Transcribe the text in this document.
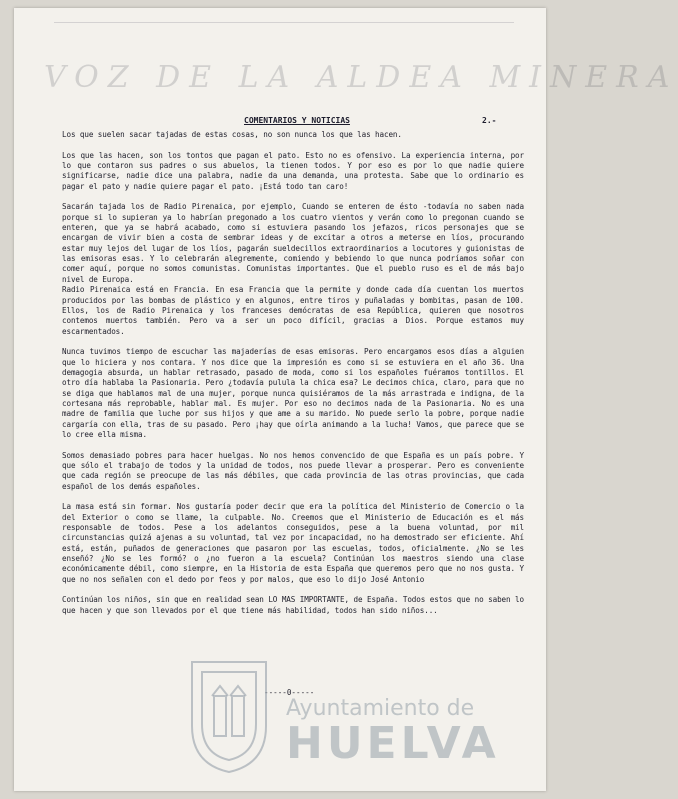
VOZ DE LA ALDEA MINERA
COMENTARIOS Y NOTICIAS	2.-

Los que suelen sacar tajadas de estas cosas, no son nunca los que las hacen.

Los que las hacen, son los tontos que pagan el pato. Esto no es ofensivo. La experiencia interna, por lo que contaron sus padres o sus abuelos, la tienen todos. Y por eso es por lo que nadie quiere significarse, nadie dice una palabra, nadie da una demanda, una protesta. Sabe que lo ordinario es pagar el pato y nadie quiere pagar el pato. ¡Está todo tan caro!

Sacarán tajada los de Radio Pirenaica, por ejemplo, Cuando se enteren de ésto -todavía no saben nada porque si lo supieran ya lo habrían pregonado a los cuatro vientos y verán como lo pregonan cuando se enteren, que ya se habrá acabado, como si estuviera pasando los jefazos, ricos personajes que se encargan de vivir bien a costa de sembrar ideas y de excitar a otros a meterse en líos, procurando estar muy lejos del lugar de los líos, pagarán sueldecillos extraordinarios a locutores y guionistas de las emisoras esas. Y lo celebrarán alegremente, comiendo y bebiendo lo que nunca podríamos soñar con comer aquí, porque no somos comunistas. Comunistas importantes. Que el pueblo ruso es el de más bajo nivel de Europa.

Radio Pirenaica está en Francia. En esa Francia que la permite y donde cada día cuentan los muertos producidos por las bombas de plástico y en algunos, entre tiros y puñaladas y bombitas, pasan de 100. Ellos, los de Radio Pirenaica y los franceses demócratas de esa República, quieren que nosotros contemos muertos también. Pero va a ser un poco difícil, gracias a Dios. Porque estamos muy escarmentados.

Nunca tuvimos tiempo de escuchar las majaderías de esas emisoras. Pero encargamos esos días a alguien que lo hiciera y nos contara. Y nos dice que la impresión es como si se estuviera en el año 36. Una demagogia absurda, un hablar retrasado, pasado de moda, como si los españoles fuéramos tontillos. El otro día hablaba la Pasionaria. Pero ¿todavía pulula la chica esa? Le decimos chica, claro, para que no se diga que hablamos mal de una mujer, porque nunca quisiéramos de la más arrastrada e indigna, de la cortesana más reprobable, hablar mal. Es mujer. Por eso no decimos nada de la Pasionaria. No es una madre de familia que luche por sus hijos y que ame a su marido. No puede serlo la pobre, porque nadie cargaría con ella, tras de su pasado. Pero ¡hay que oírla animando a la lucha! Vamos, que parece que se lo cree ella misma.

Somos demasiado pobres para hacer huelgas. No nos hemos convencido de que España es un país pobre. Y que sólo el trabajo de todos y la unidad de todos, nos puede llevar a prosperar. Pero es conveniente que cada región se preocupe de las más débiles, que cada provincia de las otras provincias, que cada español de los demás españoles.

La masa está sin formar. Nos gustaría poder decir que era la política del Ministerio de Comercio o la del Exterior o como se llame, la culpable. No. Creemos que el Ministerio de Educación es el más responsable de todos. Pese a los adelantos conseguidos, pese a la buena voluntad, por mil circunstancias quizá ajenas a su voluntad, tal vez por incapacidad, no ha demostrado ser eficiente. Ahí está, están, puñados de generaciones que pasaron por las escuelas, todos, oficialmente. ¿No se les enseñó? ¿No se les formó? o ¿no fueron a la escuela? Continúan los maestros siendo una clase económicamente débil, como siempre, en la Historia de esta España que queremos pero que no nos gusta. Y que no nos señalen con el dedo por feos y por malos, que eso lo dijo José Antonio

Continúan los niños, sin que en realidad sean LO MAS IMPORTANTE, de España. Todos estos que no saben lo que hacen y que son llevados por el que tiene más habilidad, todos han sido niños...

-----0-----
Ayuntamiento de
HUELVA
